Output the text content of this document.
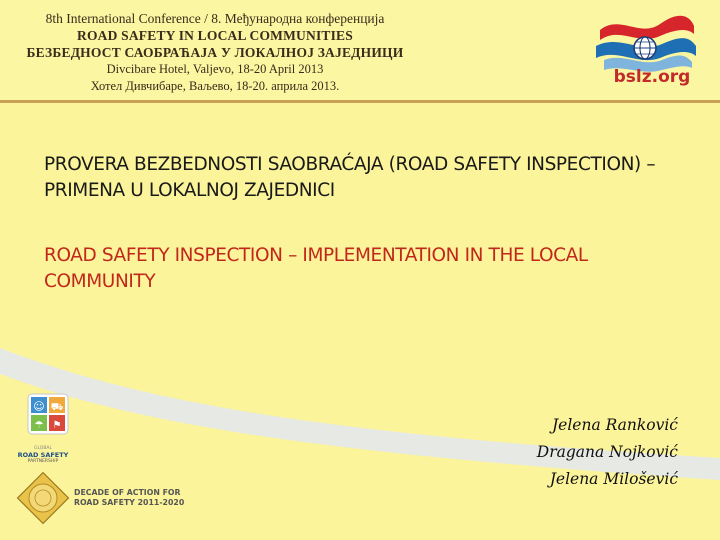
8th International Conference / 8. Међународна конференција
ROAD SAFETY IN LOCAL COMMUNITIES
БЕЗБЕДНОСТ САОБРАЋАЈА У ЛОКАЛНОЈ ЗАЈЕДНИЦИ
Divcibare Hotel, Valjevo, 18-20 April 2013
Хотел Дивчибаре, Ваљево, 18-20. априла 2013.	bslz.org
PROVERA BEZBEDNOSTI SAOBRAĆAJA (ROAD SAFETY INSPECTION) – PRIMENA U LOKALNOJ ZAJEDNICI
ROAD SAFETY INSPECTION – IMPLEMENTATION IN THE LOCAL COMMUNITY
☺ ⛟
☂ ⚑
GLOBAL
ROAD SAFETY
PARTNERSHIP
DECADE OF ACTION FOR
ROAD SAFETY 2011-2020
Jelena Ranković
Dragana Nojković
Jelena Milošević
